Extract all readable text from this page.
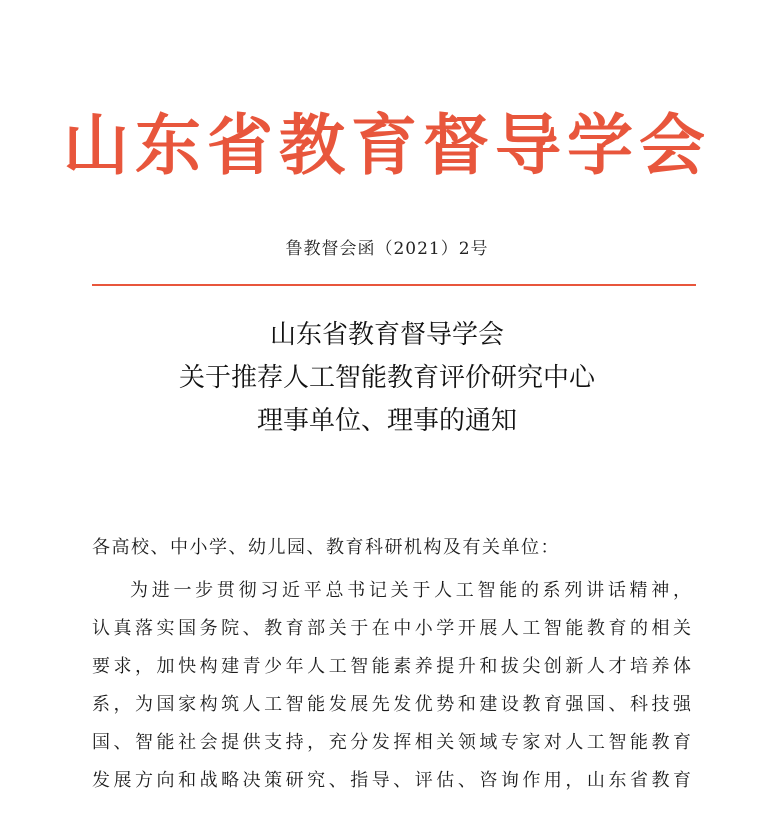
山东省教育督导学会
鲁教督会函（2021）2号
山东省教育督导学会
关于推荐人工智能教育评价研究中心
理事单位、理事的通知
各高校、中小学、幼儿园、教育科研机构及有关单位：
为进一步贯彻习近平总书记关于人工智能的系列讲话精神，
认真落实国务院、教育部关于在中小学开展人工智能教育的相关
要求，加快构建青少年人工智能素养提升和拔尖创新人才培养体
系，为国家构筑人工智能发展先发优势和建设教育强国、科技强
国、智能社会提供支持，充分发挥相关领域专家对人工智能教育
发展方向和战略决策研究、指导、评估、咨询作用，山东省教育
